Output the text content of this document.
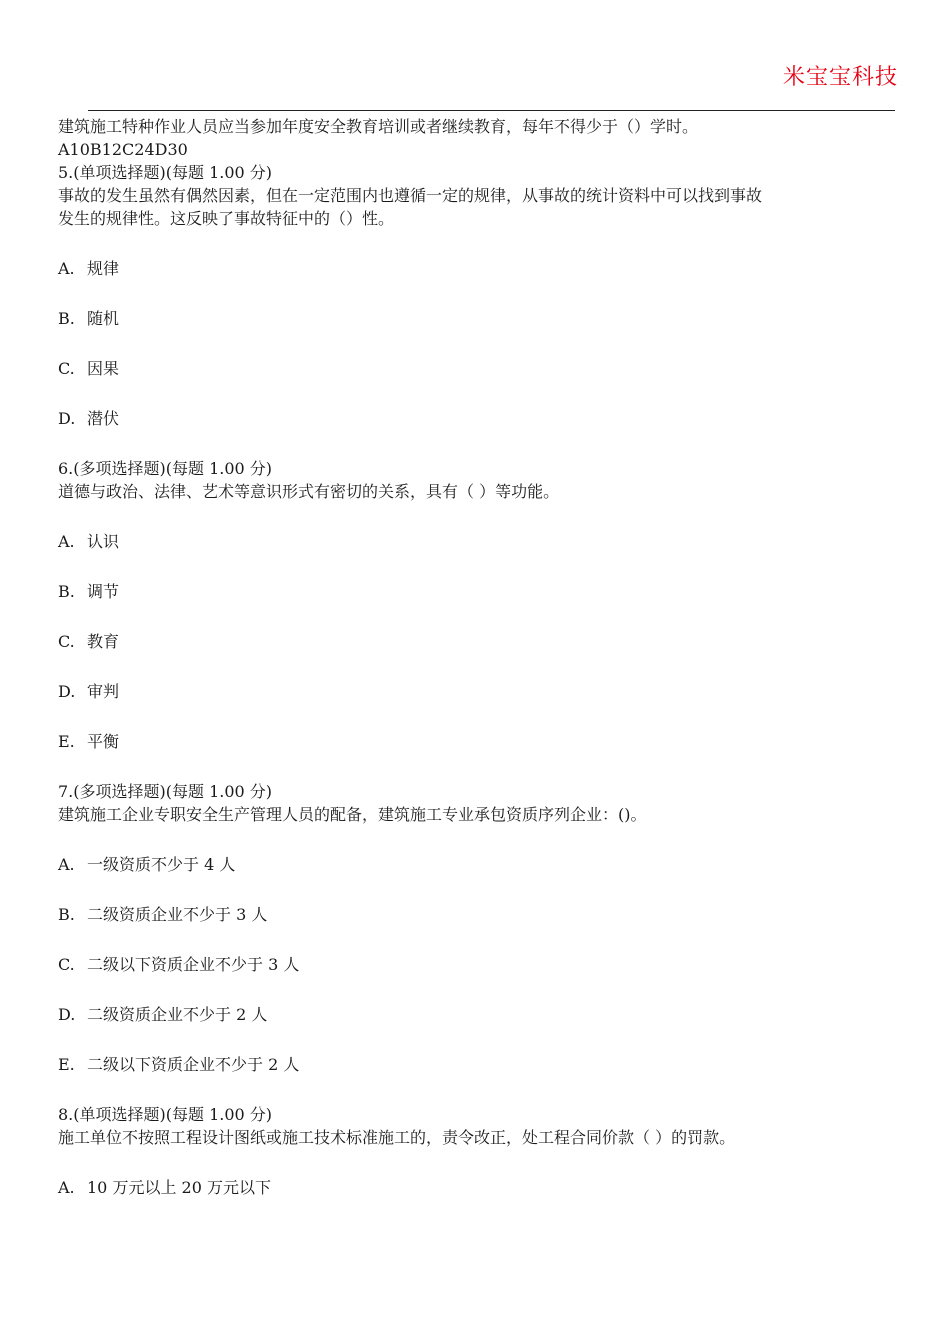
米宝宝科技
建筑施工特种作业人员应当参加年度安全教育培训或者继续教育，每年不得少于（）学时。
A10B12C24D30
5.(单项选择题)(每题 1.00 分)
事故的发生虽然有偶然因素，但在一定范围内也遵循一定的规律，从事故的统计资料中可以找到事故
发生的规律性。这反映了事故特征中的（）性。
A. 规律
B. 随机
C. 因果
D. 潜伏
6.(多项选择题)(每题 1.00 分)
道德与政治、法律、艺术等意识形式有密切的关系，具有（ ）等功能。
A. 认识
B. 调节
C. 教育
D. 审判
E. 平衡
7.(多项选择题)(每题 1.00 分)
建筑施工企业专职安全生产管理人员的配备，建筑施工专业承包资质序列企业：()。
A. 一级资质不少于 4 人
B. 二级资质企业不少于 3 人
C. 二级以下资质企业不少于 3 人
D. 二级资质企业不少于 2 人
E. 二级以下资质企业不少于 2 人
8.(单项选择题)(每题 1.00 分)
施工单位不按照工程设计图纸或施工技术标准施工的，责令改正，处工程合同价款（ ）的罚款。
A. 10 万元以上 20 万元以下
